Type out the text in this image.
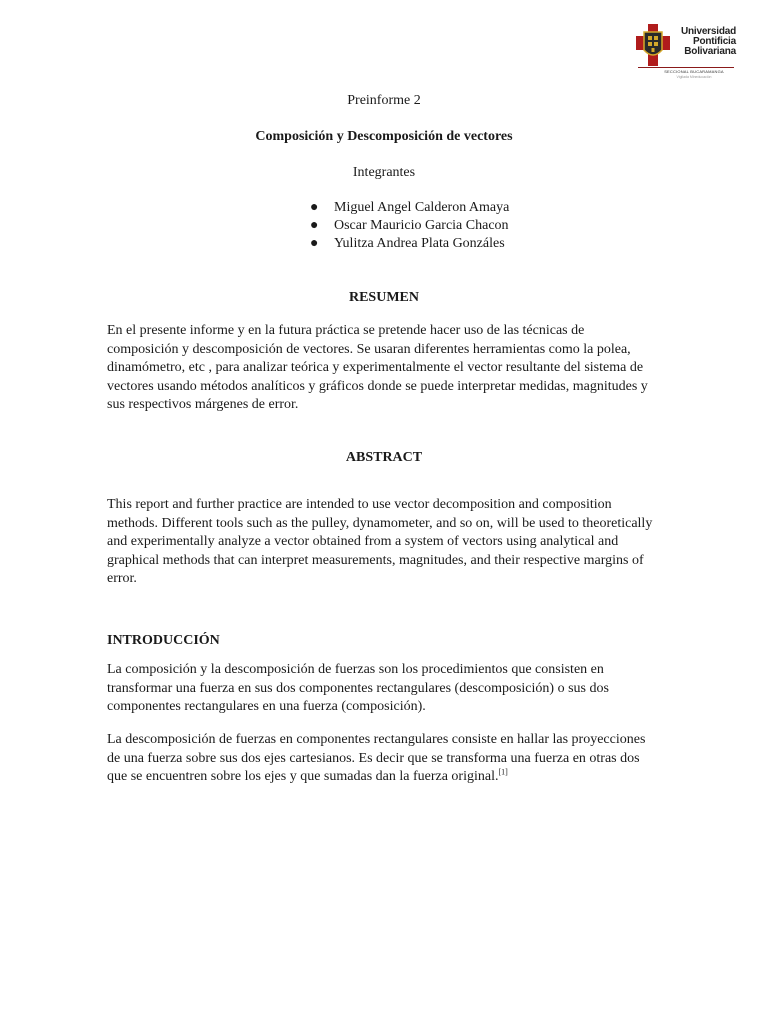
Universidad
Pontificia
Bolivariana
SECCIONAL BUCARAMANGA
Vigilada Mineducación
Preinforme 2
Composición y Descomposición de vectores
Integrantes
● Miguel Angel Calderon Amaya
● Oscar Mauricio Garcia Chacon
● Yulitza Andrea Plata Gonzáles
RESUMEN
En el presente informe y en la futura práctica se pretende hacer uso de las técnicas de composición y descomposición de vectores. Se usaran diferentes herramientas como la polea, dinamómetro, etc , para analizar teórica y experimentalmente el vector resultante del sistema de vectores usando métodos analíticos y gráficos donde se puede interpretar medidas, magnitudes y sus respectivos márgenes de error.
ABSTRACT
This report and further practice are intended to use vector decomposition and composition methods. Different tools such as the pulley, dynamometer, and so on, will be used to theoretically and experimentally analyze a vector obtained from a system of vectors using analytical and graphical methods that can interpret measurements, magnitudes, and their respective margins of error.
INTRODUCCIÓN
La composición y la descomposición de fuerzas son los procedimientos que consisten en transformar una fuerza en sus dos componentes rectangulares (descomposición) o sus dos componentes rectangulares en una fuerza (composición).
La descomposición de fuerzas en componentes rectangulares consiste en hallar las proyecciones de una fuerza sobre sus dos ejes cartesianos. Es decir que se transforma una fuerza en otras dos que se encuentren sobre los ejes y que sumadas dan la fuerza original.[1]
